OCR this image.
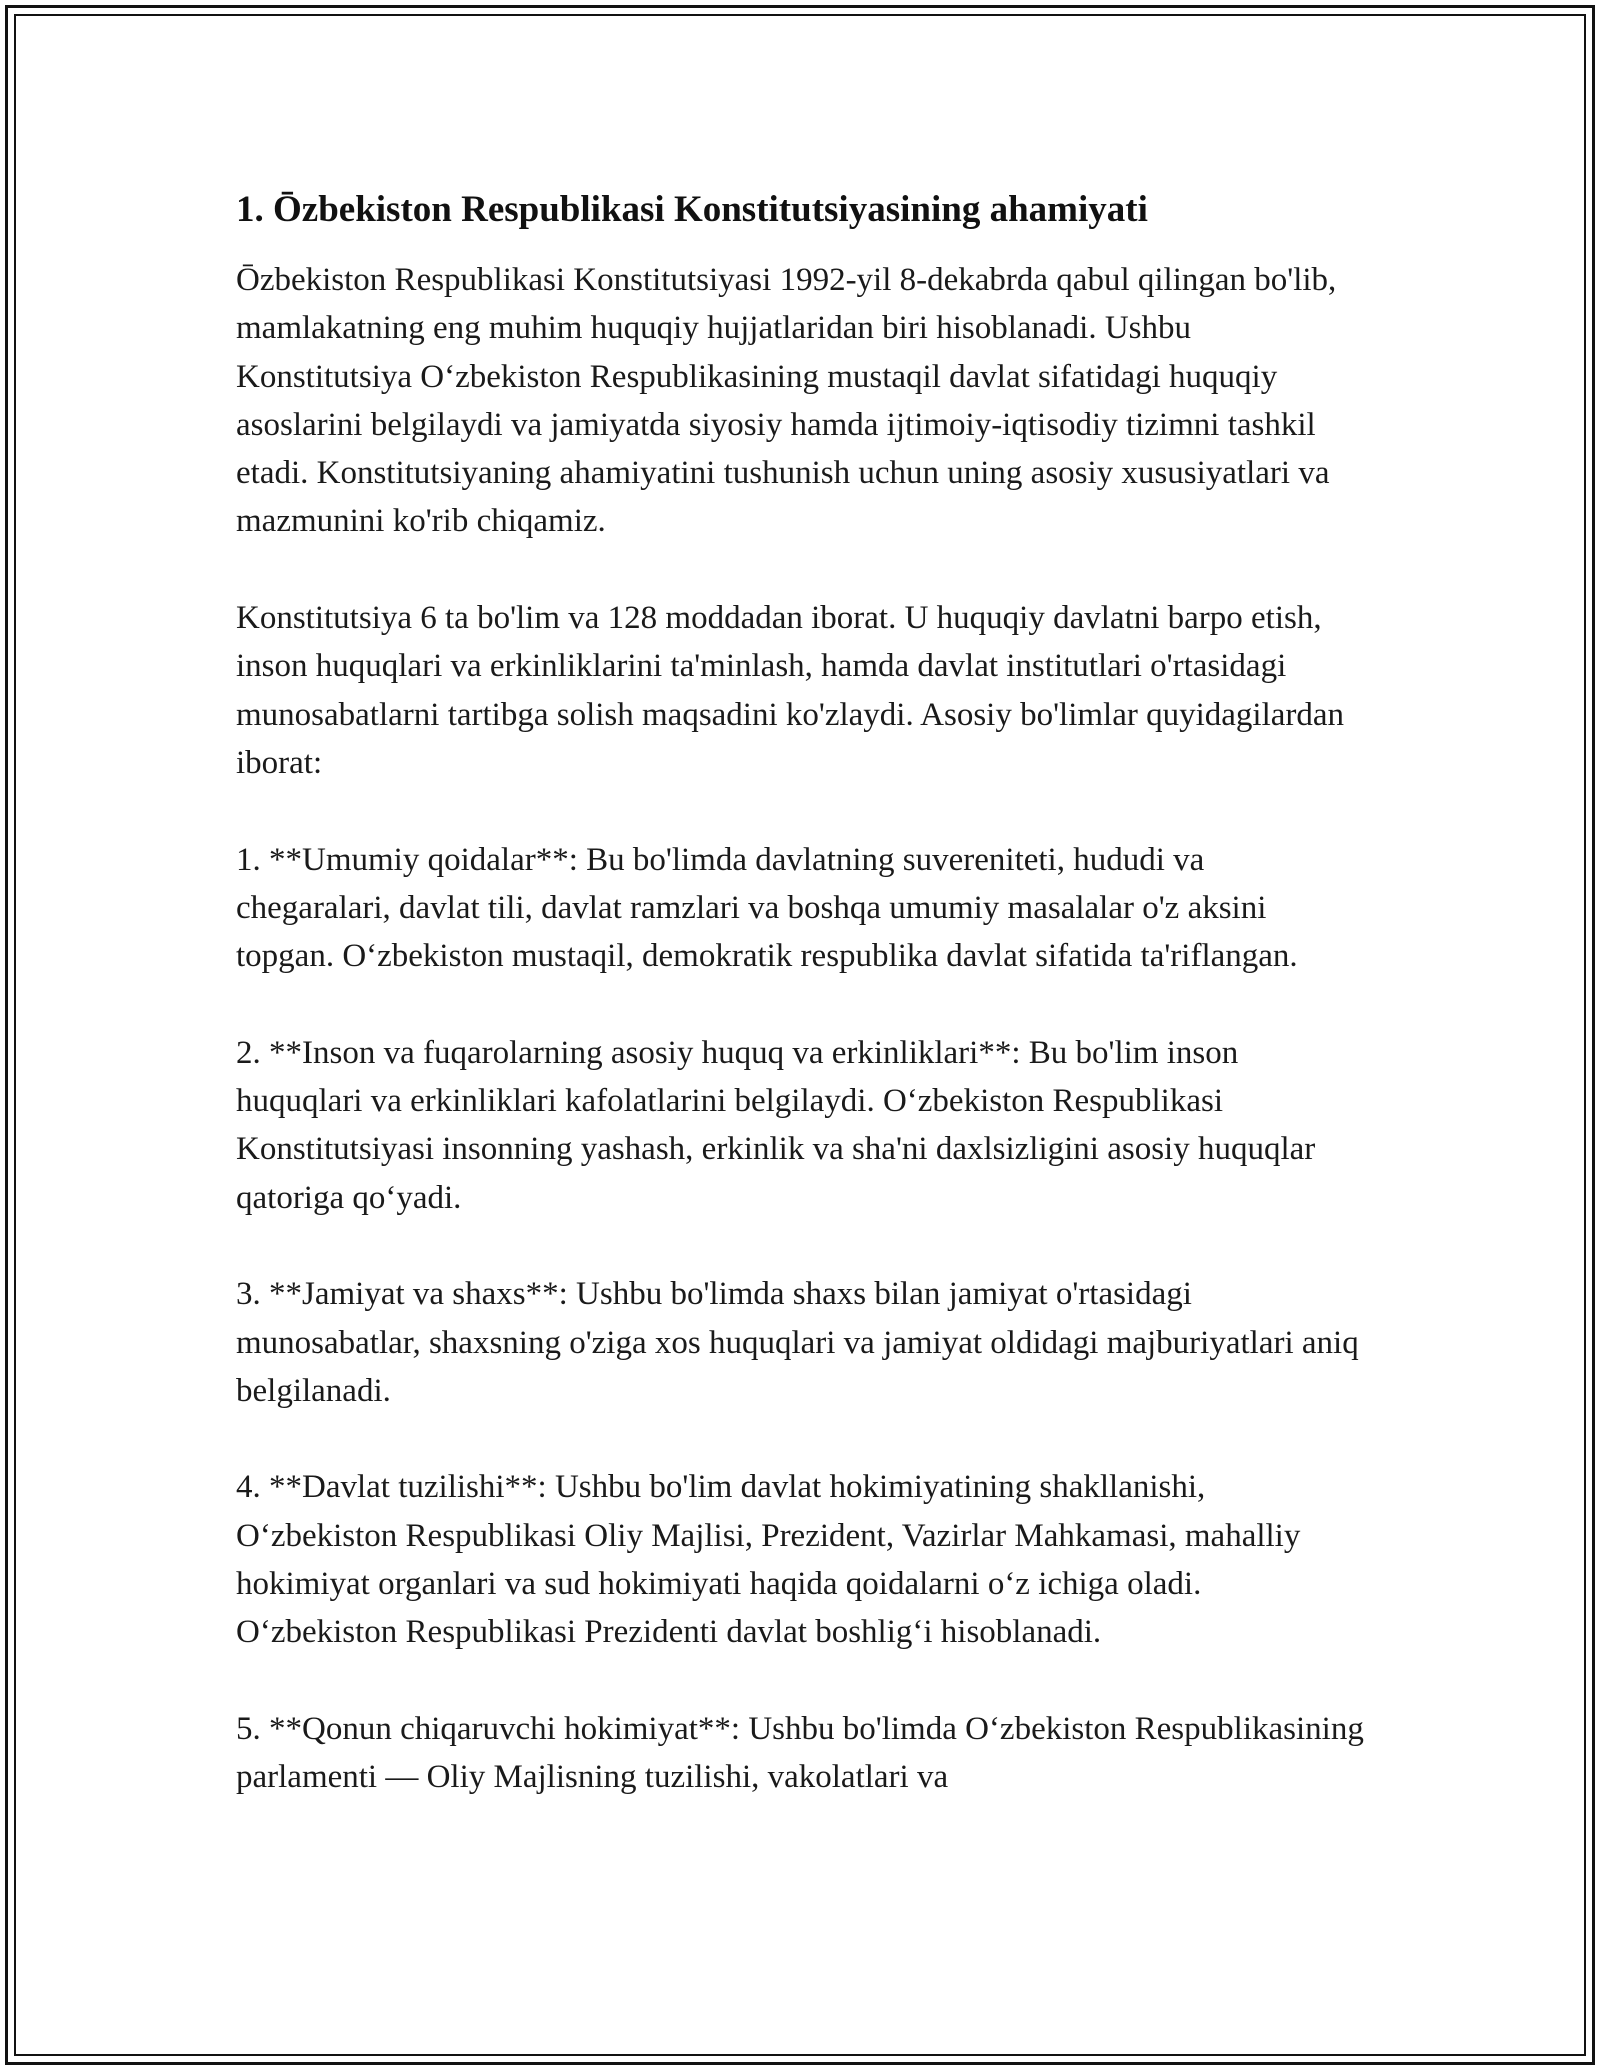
1. Ōzbekiston Respublikasi Konstitutsiyasining ahamiyati

Ōzbekiston Respublikasi Konstitutsiyasi 1992-yil 8-dekabrda qabul qilingan bo'lib, mamlakatning eng muhim huquqiy hujjatlaridan biri hisoblanadi. Ushbu Konstitutsiya O‘zbekiston Respublikasining mustaqil davlat sifatidagi huquqiy asoslarini belgilaydi va jamiyatda siyosiy hamda ijtimoiy-iqtisodiy tizimni tashkil etadi. Konstitutsiyaning ahamiyatini tushunish uchun uning asosiy xususiyatlari va mazmunini ko'rib chiqamiz.

Konstitutsiya 6 ta bo'lim va 128 moddadan iborat. U huquqiy davlatni barpo etish, inson huquqlari va erkinliklarini ta'minlash, hamda davlat institutlari o'rtasidagi munosabatlarni tartibga solish maqsadini ko'zlaydi. Asosiy bo'limlar quyidagilardan iborat:

1. **Umumiy qoidalar**: Bu bo'limda davlatning suvereniteti, hududi va chegaralari, davlat tili, davlat ramzlari va boshqa umumiy masalalar o'z aksini topgan. O‘zbekiston mustaqil, demokratik respublika davlat sifatida ta'riflangan.

2. **Inson va fuqarolarning asosiy huquq va erkinliklari**: Bu bo'lim inson huquqlari va erkinliklari kafolatlarini belgilaydi. O‘zbekiston Respublikasi Konstitutsiyasi insonning yashash, erkinlik va sha'ni daxlsizligini asosiy huquqlar qatoriga qo‘yadi.

3. **Jamiyat va shaxs**: Ushbu bo'limda shaxs bilan jamiyat o'rtasidagi munosabatlar, shaxsning o'ziga xos huquqlari va jamiyat oldidagi majburiyatlari aniq belgilanadi.

4. **Davlat tuzilishi**: Ushbu bo'lim davlat hokimiyatining shakllanishi, O‘zbekiston Respublikasi Oliy Majlisi, Prezident, Vazirlar Mahkamasi, mahalliy hokimiyat organlari va sud hokimiyati haqida qoidalarni o‘z ichiga oladi. O‘zbekiston Respublikasi Prezidenti davlat boshlig‘i hisoblanadi.

5. **Qonun chiqaruvchi hokimiyat**: Ushbu bo'limda O‘zbekiston Respublikasining parlamenti — Oliy Majlisning tuzilishi, vakolatlari va
